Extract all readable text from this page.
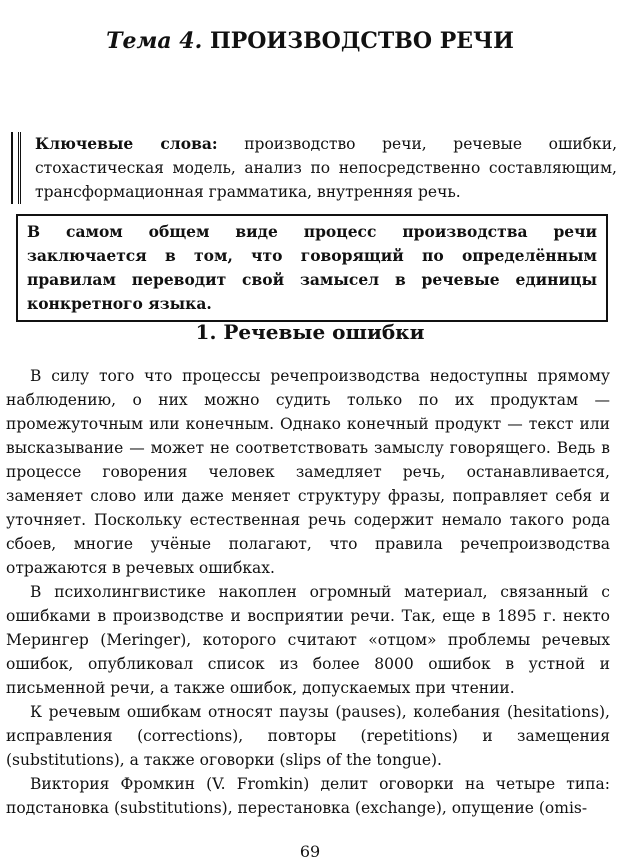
Тема 4. ПРОИЗВОДСТВО РЕЧИ
Ключевые слова: производство речи, речевые ошибки, стохастическая модель, анализ по непосредственно составляющим, трансформационная грамматика, внутренняя речь.
В самом общем виде процесс производства речи заключается в том, что говорящий по определённым правилам переводит свой замысел в речевые единицы конкретного языка.
1. Речевые ошибки

В силу того что процессы речепроизводства недоступны прямому наблюдению, о них можно судить только по их продуктам — промежуточным или конечным. Однако конечный продукт — текст или высказывание — может не соответствовать замыслу говорящего. Ведь в процессе говорения человек замедляет речь, останавливается, заменяет слово или даже меняет структуру фразы, поправляет себя и уточняет. Поскольку естественная речь содержит немало такого рода сбоев, многие учёные полагают, что правила речепроизводства отражаются в речевых ошибках.

В психолингвистике накоплен огромный материал, связанный с ошибками в производстве и восприятии речи. Так, еще в 1895 г. некто Мерингер (Meringer), которого считают «отцом» проблемы речевых ошибок, опубликовал список из более 8000 ошибок в устной и письменной речи, а также ошибок, допускаемых при чтении.

К речевым ошибкам относят паузы (pauses), колебания (hesitations), исправления (corrections), повторы (repetitions) и замещения (substitutions), а также оговорки (slips of the tongue).

Виктория Фромкин (V. Fromkin) делит оговорки на четыре типа: подстановка (substitutions), перестановка (exchange), опущение (omis-

69
